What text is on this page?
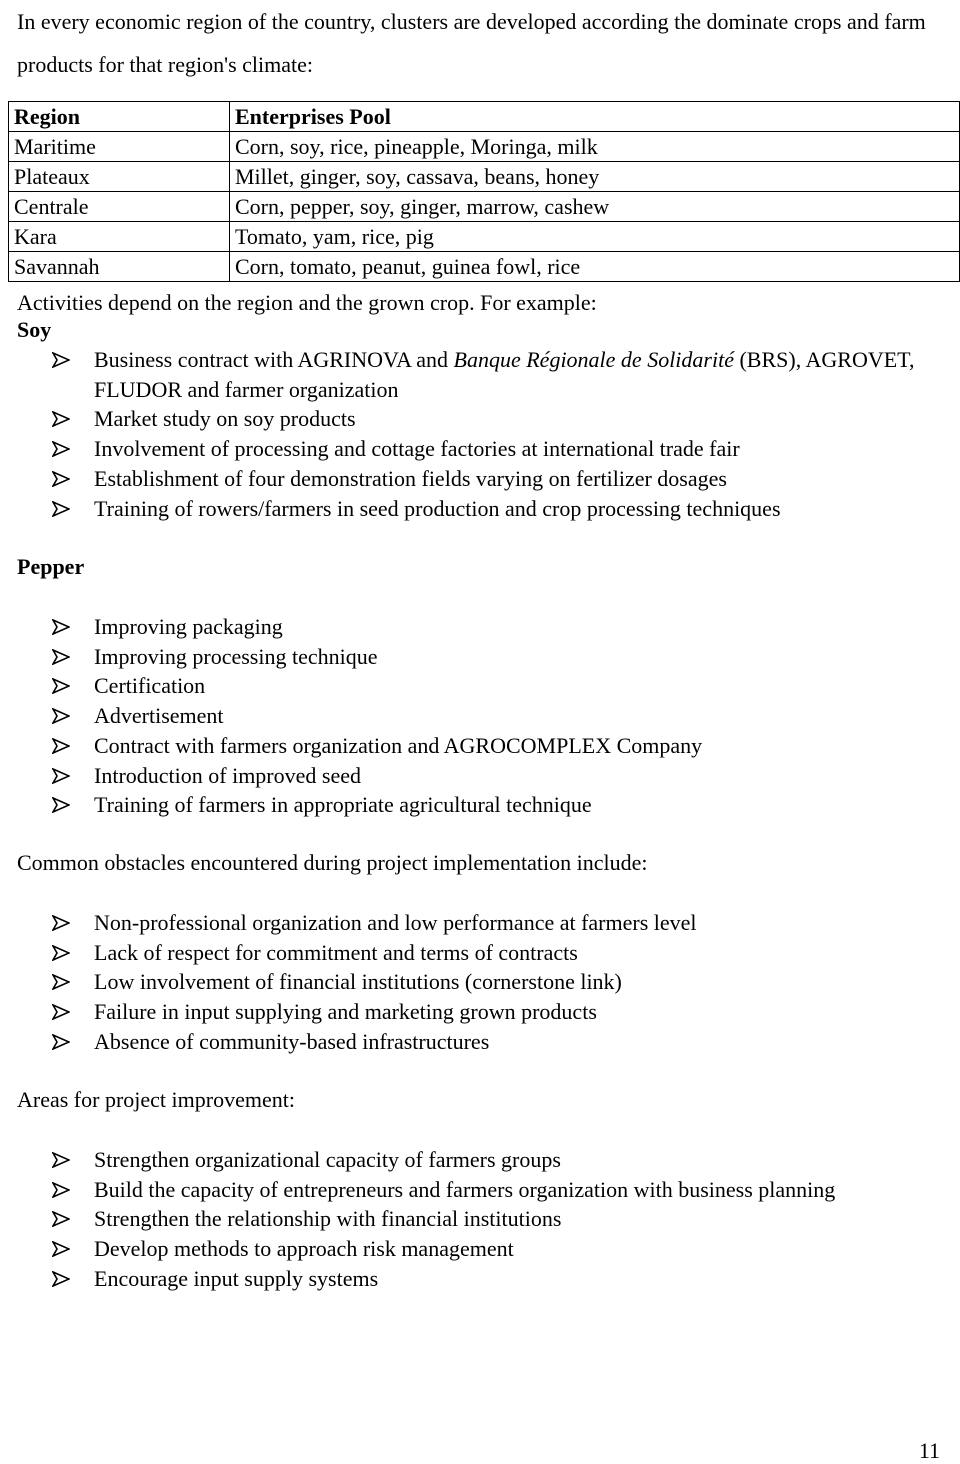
In every economic region of the country, clusters are developed according the dominate crops and farm products for that region's climate:

Region	Enterprises Pool
Maritime	Corn, soy, rice, pineapple, Moringa, milk
Plateaux	Millet, ginger, soy, cassava, beans, honey
Centrale	Corn, pepper, soy, ginger, marrow, cashew
Kara	Tomato, yam, rice, pig
Savannah	Corn, tomato, peanut, guinea fowl, rice

Activities depend on the region and the grown crop. For example:

Soy

Business contract with AGRINOVA and Banque Régionale de Solidarité (BRS), AGROVET, FLUDOR and farmer organization
Market study on soy products
Involvement of processing and cottage factories at international trade fair
Establishment of four demonstration fields varying on fertilizer dosages
Training of rowers/farmers in seed production and crop processing techniques

Pepper

Improving packaging
Improving processing technique
Certification
Advertisement
Contract with farmers organization and AGROCOMPLEX Company
Introduction of improved seed
Training of farmers in appropriate agricultural technique

Common obstacles encountered during project implementation include:

Non-professional organization and low performance at farmers level
Lack of respect for commitment and terms of contracts
Low involvement of financial institutions (cornerstone link)
Failure in input supplying and marketing grown products
Absence of community-based infrastructures

Areas for project improvement:

Strengthen organizational capacity of farmers groups
Build the capacity of entrepreneurs and farmers organization with business planning
Strengthen the relationship with financial institutions
Develop methods to approach risk management
Encourage input supply systems

11
